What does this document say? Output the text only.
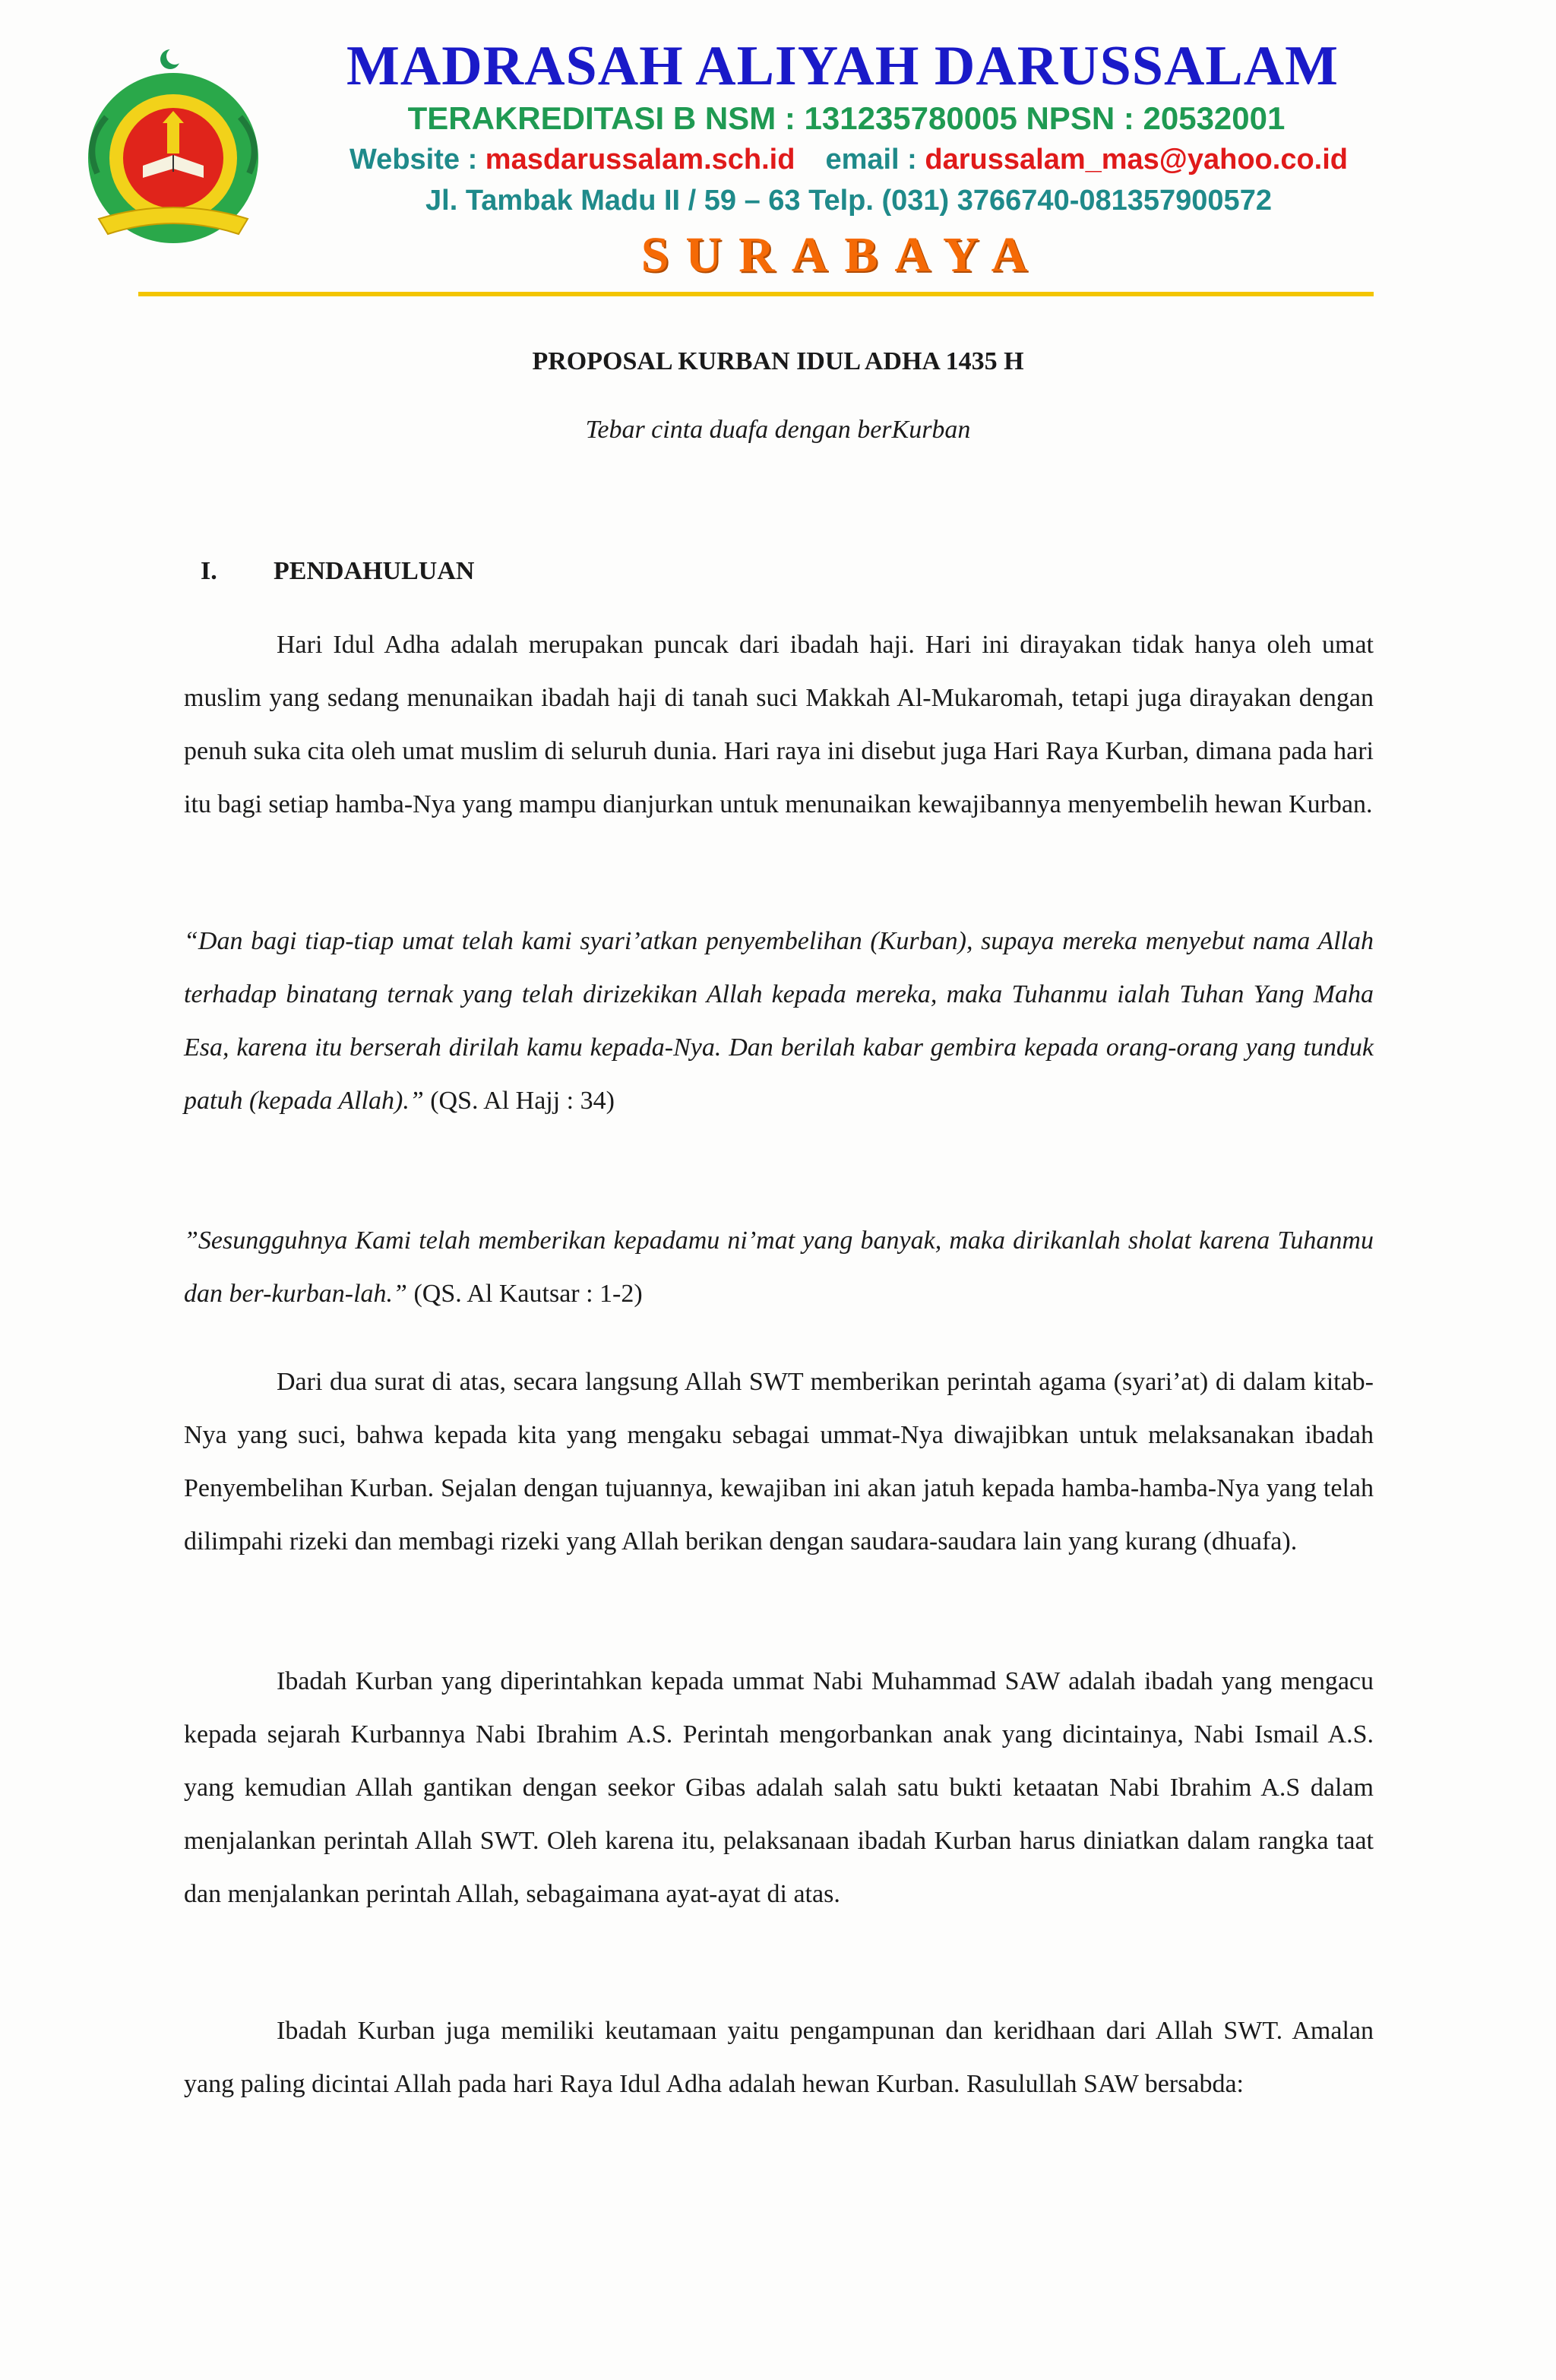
MADRASAH ALIYAH DARUSSALAM
TERAKREDITASI B NSM : 131235780005 NPSN : 20532001
Website : masdarussalam.sch.id email : darussalam_mas@yahoo.co.id
Jl. Tambak Madu II / 59 – 63 Telp. (031) 3766740-081357900572
SURABAYA
PROPOSAL KURBAN IDUL ADHA 1435 H
Tebar cinta duafa dengan berKurban
I. PENDAHULUAN

Hari Idul Adha adalah merupakan puncak dari ibadah haji. Hari ini dirayakan tidak hanya oleh umat muslim yang sedang menunaikan ibadah haji di tanah suci Makkah Al-Mukaromah, tetapi juga dirayakan dengan penuh suka cita oleh umat muslim di seluruh dunia. Hari raya ini disebut juga Hari Raya Kurban, dimana pada hari itu bagi setiap hamba-Nya yang mampu dianjurkan untuk menunaikan kewajibannya menyembelih hewan Kurban.

“Dan bagi tiap-tiap umat telah kami syari’atkan penyembelihan (Kurban), supaya mereka menyebut nama Allah terhadap binatang ternak yang telah dirizekikan Allah kepada mereka, maka Tuhanmu ialah Tuhan Yang Maha Esa, karena itu berserah dirilah kamu kepada-Nya. Dan berilah kabar gembira kepada orang-orang yang tunduk patuh (kepada Allah).” (QS. Al Hajj : 34)

”Sesungguhnya Kami telah memberikan kepadamu ni’mat yang banyak, maka dirikanlah sholat karena Tuhanmu dan ber-kurban-lah.” (QS. Al Kautsar : 1-2)

Dari dua surat di atas, secara langsung Allah SWT memberikan perintah agama (syari’at) di dalam kitab-Nya yang suci, bahwa kepada kita yang mengaku sebagai ummat-Nya diwajibkan untuk melaksanakan ibadah Penyembelihan Kurban. Sejalan dengan tujuannya, kewajiban ini akan jatuh kepada hamba-hamba-Nya yang telah dilimpahi rizeki dan membagi rizeki yang Allah berikan dengan saudara-saudara lain yang kurang (dhuafa).

Ibadah Kurban yang diperintahkan kepada ummat Nabi Muhammad SAW adalah ibadah yang mengacu kepada sejarah Kurbannya Nabi Ibrahim A.S. Perintah mengorbankan anak yang dicintainya, Nabi Ismail A.S. yang kemudian Allah gantikan dengan seekor Gibas adalah salah satu bukti ketaatan Nabi Ibrahim A.S dalam menjalankan perintah Allah SWT. Oleh karena itu, pelaksanaan ibadah Kurban harus diniatkan dalam rangka taat dan menjalankan perintah Allah, sebagaimana ayat-ayat di atas.

Ibadah Kurban juga memiliki keutamaan yaitu pengampunan dan keridhaan dari Allah SWT. Amalan yang paling dicintai Allah pada hari Raya Idul Adha adalah hewan Kurban. Rasulullah SAW bersabda:
